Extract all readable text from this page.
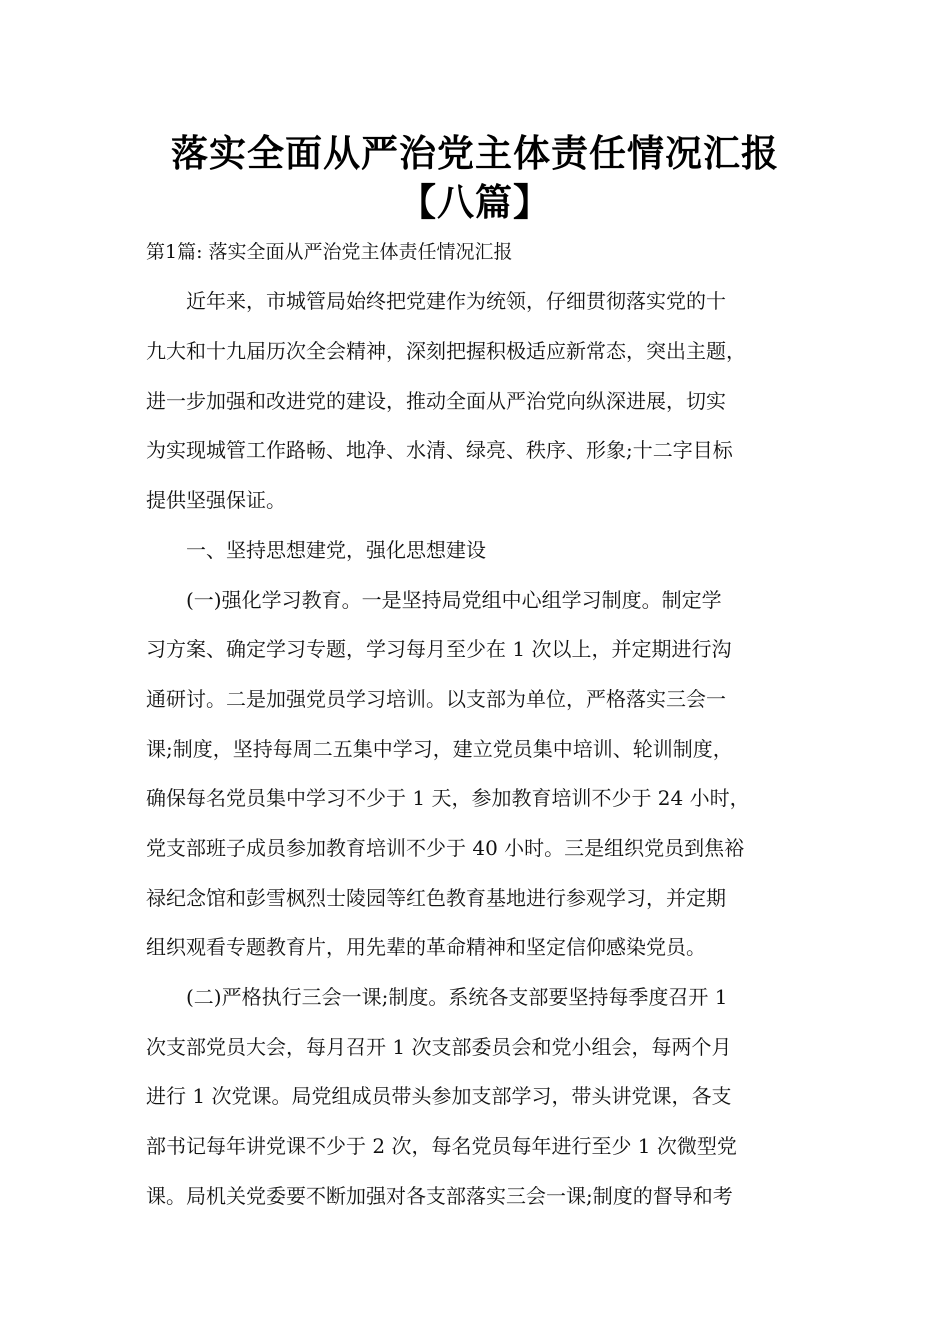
落实全面从严治党主体责任情况汇报
【八篇】
第1篇: 落实全面从严治党主体责任情况汇报
　　近年来，市城管局始终把党建作为统领，仔细贯彻落实党的十
九大和十九届历次全会精神，深刻把握积极适应新常态，突出主题，
进一步加强和改进党的建设，推动全面从严治党向纵深进展，切实
为实现城管工作路畅、地净、水清、绿亮、秩序、形象;十二字目标
提供坚强保证。
　　一、坚持思想建党，强化思想建设
　　(一)强化学习教育。一是坚持局党组中心组学习制度。制定学
习方案、确定学习专题，学习每月至少在 1 次以上，并定期进行沟
通研讨。二是加强党员学习培训。以支部为单位，严格落实三会一
课;制度，坚持每周二五集中学习，建立党员集中培训、轮训制度，
确保每名党员集中学习不少于 1 天，参加教育培训不少于 24 小时，
党支部班子成员参加教育培训不少于 40 小时。三是组织党员到焦裕
禄纪念馆和彭雪枫烈士陵园等红色教育基地进行参观学习，并定期
组织观看专题教育片，用先辈的革命精神和坚定信仰感染党员。
　　(二)严格执行三会一课;制度。系统各支部要坚持每季度召开 1
次支部党员大会，每月召开 1 次支部委员会和党小组会，每两个月
进行 1 次党课。局党组成员带头参加支部学习，带头讲党课，各支
部书记每年讲党课不少于 2 次，每名党员每年进行至少 1 次微型党
课。局机关党委要不断加强对各支部落实三会一课;制度的督导和考
